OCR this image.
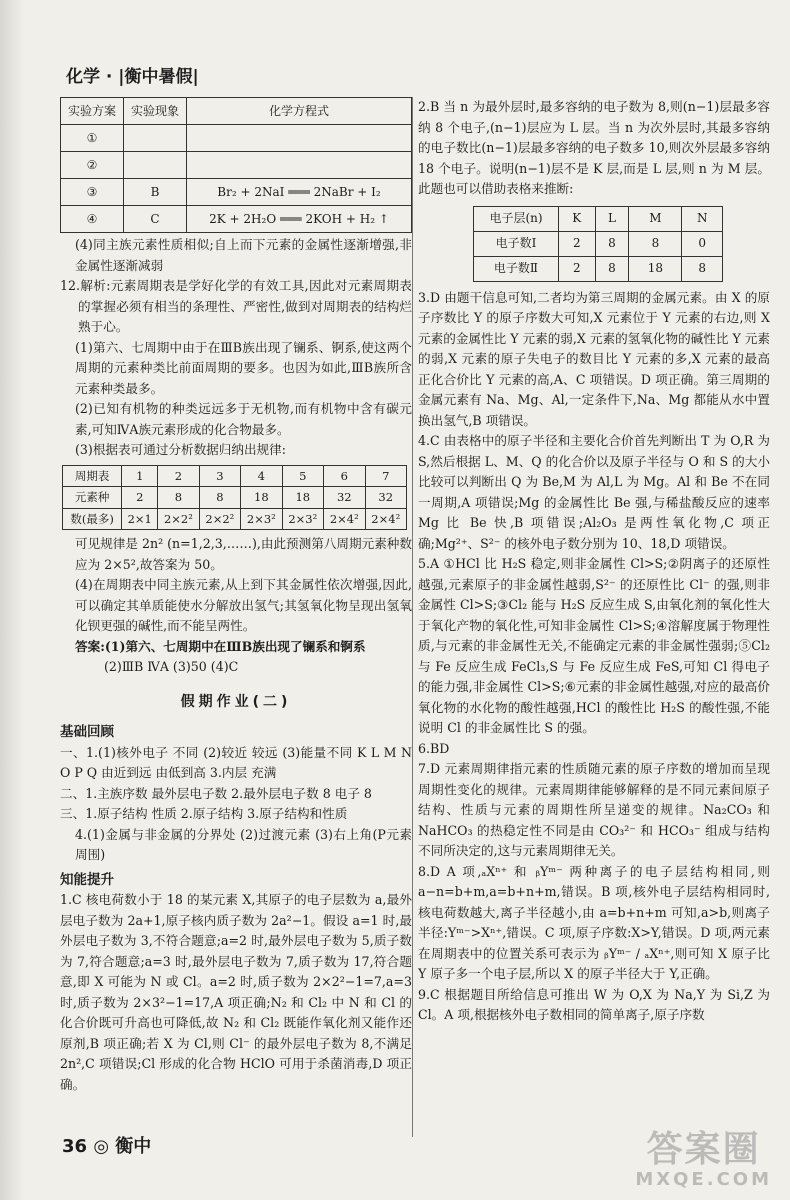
化学 · |衡中暑假|
实验方案	实验现象	化学方程式
①		
②		
③	B	Br₂ + 2NaI ═══ 2NaBr + I₂
④	C	2K + 2H₂O ═══ 2KOH + H₂ ↑

(4)同主族元素性质相似;自上而下元素的金属性逐渐增强,非金属性逐渐减弱

12.解析:元素周期表是学好化学的有效工具,因此对元素周期表的掌握必须有相当的条理性、严密性,做到对周期表的结构烂熟于心。

(1)第六、七周期中由于在ⅢB族出现了镧系、锕系,使这两个周期的元素种类比前面周期的要多。也因为如此,ⅢB族所含元素种类最多。

(2)已知有机物的种类远远多于无机物,而有机物中含有碳元素,可知ⅣA族元素形成的化合物最多。

(3)根据表可通过分析数据归纳出规律:

周期表	1	2	3	4	5	6	7
元素种	2	8	8	18	18	32	32
数(最多)	2×1	2×2²	2×2²	2×3²	2×3²	2×4²	2×4²

可见规律是 2n² (n=1,2,3,……),由此预测第八周期元素种数应为 2×5²,故答案为 50。

(4)在周期表中同主族元素,从上到下其金属性依次增强,因此,可以确定其单质能使水分解放出氢气;其氢氧化物呈现出氢氧化钡更强的碱性,而不能呈两性。

答案:(1)第六、七周期中在ⅢB族出现了镧系和锕系

(2)ⅢB ⅣA (3)50 (4)C

假期作业(二)
基础回顾

一、1.(1)核外电子 不同 (2)较近 较远 (3)能量不同 K L M N O P Q 由近到远 由低到高 3.内层 充满

二、1.主族序数 最外层电子数 2.最外层电子数 8 电子 8

三、1.原子结构 性质 2.原子结构 3.原子结构和性质

4.(1)金属与非金属的分界处 (2)过渡元素 (3)右上角(P元素周围)

知能提升

1.C 核电荷数小于 18 的某元素 X,其原子的电子层数为 a,最外层电子数为 2a+1,原子核内质子数为 2a²−1。假设 a=1 时,最外层电子数为 3,不符合题意;a=2 时,最外层电子数为 5,质子数为 7,符合题意;a=3 时,最外层电子数为 7,质子数为 17,符合题意,即 X 可能为 N 或 Cl。a=2 时,质子数为 2×2²−1=7,a=3 时,质子数为 2×3²−1=17,A 项正确;N₂ 和 Cl₂ 中 N 和 Cl 的化合价既可升高也可降低,故 N₂ 和 Cl₂ 既能作氧化剂又能作还原剂,B 项正确;若 X 为 Cl,则 Cl⁻ 的最外层电子数为 8,不满足 2n²,C 项错误;Cl 形成的化合物 HClO 可用于杀菌消毒,D 项正确。

2.B 当 n 为最外层时,最多容纳的电子数为 8,则(n−1)层最多容纳 8 个电子,(n−1)层应为 L 层。当 n 为次外层时,其最多容纳的电子数比(n−1)层最多容纳的电子数多 10,则次外层最多容纳 18 个电子。说明(n−1)层不是 K 层,而是 L 层,则 n 为 M 层。此题也可以借助表格来推断:

电子层(n)	K	L	M	N
电子数Ⅰ	2	8	8	0
电子数Ⅱ	2	8	18	8

3.D 由题干信息可知,二者均为第三周期的金属元素。由 X 的原子序数比 Y 的原子序数大可知,X 元素位于 Y 元素的右边,则 X 元素的金属性比 Y 元素的弱,X 元素的氢氧化物的碱性比 Y 元素的弱,X 元素的原子失电子的数目比 Y 元素的多,X 元素的最高正化合价比 Y 元素的高,A、C 项错误。D 项正确。第三周期的金属元素有 Na、Mg、Al,一定条件下,Na、Mg 都能从水中置换出氢气,B 项错误。

4.C 由表格中的原子半径和主要化合价首先判断出 T 为 O,R 为 S,然后根据 L、M、Q 的化合价以及原子半径与 O 和 S 的大小比较可以判断出 Q 为 Be,M 为 Al,L 为 Mg。Al 和 Be 不在同一周期,A 项错误;Mg 的金属性比 Be 强,与稀盐酸反应的速率 Mg 比 Be 快,B 项错误;Al₂O₃ 是两性氧化物,C 项正确;Mg²⁺、S²⁻ 的核外电子数分别为 10、18,D 项错误。

5.A ①HCl 比 H₂S 稳定,则非金属性 Cl>S;②阴离子的还原性越强,元素原子的非金属性越弱,S²⁻ 的还原性比 Cl⁻ 的强,则非金属性 Cl>S;③Cl₂ 能与 H₂S 反应生成 S,由氧化剂的氧化性大于氧化产物的氧化性,可知非金属性 Cl>S;④溶解度属于物理性质,与元素的非金属性无关,不能确定元素的非金属性强弱;⑤Cl₂ 与 Fe 反应生成 FeCl₃,S 与 Fe 反应生成 FeS,可知 Cl 得电子的能力强,非金属性 Cl>S;⑥元素的非金属性越强,对应的最高价氧化物的水化物的酸性越强,HCl 的酸性比 H₂S 的酸性强,不能说明 Cl 的非金属性比 S 的强。

6.BD

7.D 元素周期律指元素的性质随元素的原子序数的增加而呈现周期性变化的规律。元素周期律能够解释的是不同元素间原子结构、性质与元素的周期性所呈递变的规律。Na₂CO₃ 和 NaHCO₃ 的热稳定性不同是由 CO₃²⁻ 和 HCO₃⁻ 组成与结构不同所决定的,这与元素周期律无关。

8.D A 项,ₐXⁿ⁺ 和 ᵦYᵐ⁻ 两种离子的电子层结构相同,则 a−n=b+m,a=b+n+m,错误。B 项,核外电子层结构相同时,核电荷数越大,离子半径越小,由 a=b+n+m 可知,a>b,则离子半径:Yᵐ⁻>Xⁿ⁺,错误。C 项,原子序数:X>Y,错误。D 项,两元素在周期表中的位置关系可表示为 ᵦYᵐ⁻ / ₐXⁿ⁺,则可知 X 原子比 Y 原子多一个电子层,所以 X 的原子半径大于 Y,正确。

9.C 根据题目所给信息可推出 W 为 O,X 为 Na,Y 为 Si,Z 为 Cl。A 项,根据核外电子数相同的简单离子,原子序数

36 ◎ 衡中	答案圈
MXQE.COM
